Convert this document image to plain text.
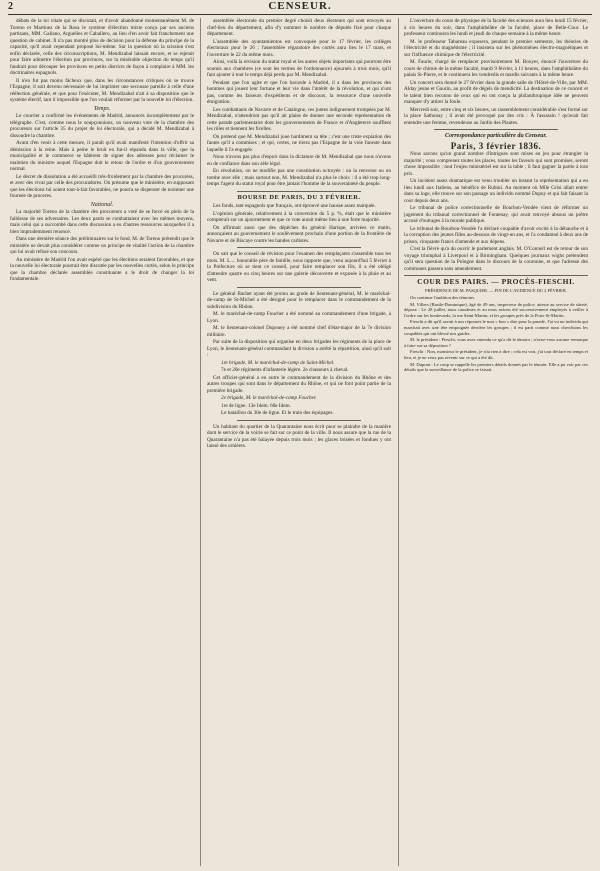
2	CENSEUR.

débats de la loi vitale qui se discutait, et d'avoir abandonné momentanément M. de Toreno et Martinez de la Rosa le système d'élection mixte conçu par ses anciens partisans, MM. Galiano, Arguelles et Caballero, au lieu d'en avoir fait franchement une question de cabinet. Il n'a pas montré plus de décision pour la défense du principe de la capacité, qu'il avait cependant proposé lui-même. Sur la question où la scission s'est enfin déclarée, celle des circonscriptions, M. Mendizabal laissait encore, et se rejetait pour faire admettre l'élection par provinces, sur la misérable objection du temps qu'il faudrait pour découper les provinces en petits districts de façon à complaire à MM. les doctrinaires espagnols.

Il n'en fut pas moins fâcheux que, dans les circonstances critiques où se trouve l'Espagne, il soit devenu nécessaire de lui imprimer une secousse pareille à celle d'une réélection générale, et que pour l'exécuter, M. Mendizabal n'ait à sa disposition que le système électif, tant il impossible que l'on voulait réformer par la nouvelle loi d'élection.

Temps.

Le courrier a confirmé les événements de Madrid, annoncés incomplètement par le télégraphe. C'est, comme nous le soupçonnions, un nouveau vote de la chambre des procureurs sur l'article 35 du projet de loi électorale, qui a décidé M. Mendizabal à dissoudre la chambre.

Avant d'en venir à cette mesure, il paraît qu'il avait manifesté l'intention d'offrir sa démission à la reine. Mais à peine le bruit en fut-il répandu dans la ville, que la municipalité et le commerce se hâtèrent de signer des adresses pour réclamer le maintien du ministre auquel l'Espagne doit le retour de l'ordre et d'un gouvernement normal.

Le décret de dissolution a été accueilli très-froidement par la chambre des procuréss, et avec des vivat par celle des procuradores. On présume que le ministère, en supposant que les élections lui soient tout-à-fait favorables, ne pourra se dispenser de nommer une fournée de proceres.

National.

La majorité Toreno de la chambre des procureurs a voté de se forcé en plein de la faiblesse de ses adversaires. Les deux partis se combattaient avec les mêmes moyens, mais celui qui a succombé dans cette discussion a eu d'autres ressources auxquelles il a bien imprudemment renoncé.

Dans une dernière séance des préliminaires sur le fond, M. de Toreno prétendit que le ministère ne devait plus considérer comme un principe de vitalité l'action de la chambre qui lui avait refusé son concours.

Au ministère de Madrid l'on avait espéré que les élections seraient favorables, et que la nouvelle loi électorale pourrait être discutée par les nouvelles cortès, selon le principe que la chambre déclarée assemblée constituante a le droit de changer la loi fondamentale.

assemblée électorale du premier degré choisit deux électeurs qui sont envoyés au chef-lieu du département, afin d'y nommer le nombre de députés fixé pour chaque département.

L'assemblée des ayuntamientos est convoquée pour le 17 février, les collèges électoraux pour le 26 ; l'assemblée régaratoire des cortès aura lieu le 17 mars, et l'ouverture le 22 du même mois.

Ainsi, voilà la révision du statut royal et les autres objets importants qui pourront être soumis aux chambres (ce sont les termes de l'ordonnance) ajournés à trois mois, qu'il faut ajouter à tout le temps déjà perdu par M. Mendizabal.

Pendant que l'on agite et que l'on bavarde à Madrid, il a dans les provinces des hommes qui jouent leur fortune et leur vie dans l'intérêt de la révolution, et qui n'ont pas, comme les faiseurs d'expédients et de discours, la ressource d'une nouvelle émigration.

Les combattants de Navarre et de Catalogne, ces juntes indignement trompées par M. Mendizabal, n'attendront pas qu'il ait plaise de donner une seconde représentation de cette parade parlementaire dont les gouvernements de France et d'Angleterre soufflent les rôles et tiennent les ficelles.

On prétend que M. Mendizabal joue hardiment sa tête ; c'est une triste expiation des fautes qu'il a commises ; et qui, certes, ne tirera pas l'Espagne de la voie funeste dans laquelle il l'a engagée.

Nous n'avons pas plus d'espoir dans la dictature de M. Mendizabal que nous n'avons eu de confiance dans son zèle légal.

En révolution, on ne modifie pas une constitution octroyée : on la renverse ou on tombe avec elle ; mais surtout non, M. Mendizabal n'a plus le choix : il a été trop long-temps l'agent du statut royal pour être jamais l'homme de la souveraineté du peuple.

BOURSE DE PARIS, DU 3 FÉVRIER.

Les fonds, tant espagnols que français, ont éprouvé une hausse assez marquée.

L'opinion générale, relativement à la conversion du 5 p. %, était que le ministère compterait sur un ajournement et que ce vote aurait même lieu à une forte majorité.

On affirmait aussi que des dépêches du général Harispe, arrivées ce matin, annonçaient au gouvernement le soulèvement prochain d'une portion de la frontière de Navarre et de Biscaye contre les bandes carlistes.

On sait que le conseil de révision pour l'examen des remplaçants s'assemble tous les mois. M. L.... honorable père de famille, nous rapporte que, venu aujourd'hui 5 février à la Préfecture où se tient ce conseil, pour faire remplacer son fils, il a été obligé d'attendre quatre ou cinq heures sur une galerie découverte et exposée à la pluie et au vent.

Le général Bachet ayant été promu au grade de lieutenant-général, M. le maréchal-de-camp de St-Michel a été désigné pour le remplacer dans le commandement de la subdivision du Rhône.

M. le maréchal-de-camp Foucher a été nommé au commandement d'une brigade, à Lyon.

M. le lieutenant-colonel Dupouey a été nommé chef d'état-major de la 7e division militaire.

Par suite de la disposition qui organise en deux brigades les régiments de la place de Lyon, le lieutenant-général commandant la division a arrêté la répartition, ainsi qu'il suit :

1re brigade, M. le maréchal-de-camp de Saint-Michel.

7e et 20e régiments d'infanterie légère. 2e chasseurs à cheval.

Cet officier-général a en outre le commandement de la division du Rhône et des autres troupes qui sont dans le département du Rhône, et qui ne font point partie de la première brigade.

2e brigade, M. le maréchal-de-camp Foucher.

1re de ligne. 13e Idem. 60e Idem.

Le bataillon du 30e de ligne. Et le train des équipages.

Un habitant du quartier de la Quarantaine nous écrit pour se plaindre de la manière dont le service de la voirie se fait sur ce point de la ville. Il nous assure que la rue de la Quarantaine n'a pas été balayée depuis trois mois ; les glaces brisées et fondues y ont laissé des ornières.

L'ouverture du cours de physique de la faculté des sciences aura lieu lundi 15 février, à six heures du soir, dans l'amphithéâtre de la faculté, place de Belle-Cour. Le professeur continuera les lundi et jeudi de chaque semaine à la même heure.

M. le professeur Tabareau exposera, pendant le premier semestre, les théories de l'électricité et du magnétisme ; il insistera sur les phénomènes électro-magnétiques et sur l'influence chimique de l'électricité.

M. Faurie, chargé de remplacer provisoirement M. Bouyer, énoncé l'ouverture du cours de chimie de la même faculté, mardi 9 février, à 11 heures, dans l'amphithéâtre du palais St-Pierre, et le continuera les vendredis et mardis suivants à la même heure.

Un concert sera donné le 27 février dans la grande salle de l'Hôtel-de-Ville, par MM. Alday jeune et Gaurin, au profit de dégels de mendicité. La destination de ce concert et le talent bien reconnu de ceux qui en ont conçu la philanthropique idée ne peuvent manquer d'y attirer la foule.

Mercredi soir, entre cinq et six heures, un rassemblement considérable s'est formé sur la place Sathonay ; il avait été provoqué par des cris : À l'assassin ! qu'avait fait entendre une femme, revendeuse au Jardin des Plantes.

Correspondance particulière du Censeur.
Paris, 3 février 1836.

Nous savons qu'un grand nombre d'intrigues sont mises en jeu pour étrangler la majorité ; vous comprenez toutes les places, toutes les faveurs qui sont promises, seront chose impossible ; tout l'enjeu ministériel est sur la table ; il faut gagner la partie à tout prix.

Un incident assez dramatique est venu troubler un instant la représentation qui a eu lieu lundi aux Italiens, au bénéfice de Rubini. Au moment où Mlle Grisi allait entrer dans sa loge, elle trouve sur son passage un individu nommé Dupuy et qui fait faisant la cour depuis deux ans.

Le tribunal de police correctionnelle de Bourbon-Vendée vient de réformer un jugement du tribunal correctionnel de Fontenay, qui avait renvoyé absous un prêtre accusé d'outrages à la morale publique.

Le tribunal de Bourbon-Vendée l'a déclaré coupable d'avoir excité à la débauche et à la corruption des jeunes filles au-dessous de vingt-un ans, et l'a condamné à deux ans de prison, cinquante francs d'amende et aux dépens.

C'est la fièvre qu'a du ouvrir le parlement anglais. M. O'Connell est de retour de son voyage triomphal à Liverpool et à Birmingham. Quelques journaux wighs prétendent qu'il sera question de la Pologne dans le discours de la couronne, et que l'adresse des communes passera sans amendement.

COUR DES PAIRS. — PROCÈS-FIESCHI.
PRÉSIDENCE DE M. PASQUIER. — FIN DE L'AUDIENCE DU 2 FÉVRIER.

On continue l'audition des témoins.

M. Villers (Basile-Dominique), âgé de 49 ans, inspecteur de police, atteste au service de sûreté, dépose : Le 28 juillet, nous causâmes et au nous avions été successivement employés à veiller à l'ordre sur les boulevards, la rue Saint-Martin, et les groupes près de la Porte St-Martin.

Fieschi a dit qu'il savait à nos réponses le mot « bon » dire pour la parade. J'ai vu un individu qui marchait avec une tête empoignée derrière les groupes ; il est parti comme nous cherchions les coupables qui ont blessé nos guides.

M. le président : Fieschi, vous avez entendu ce qu'a dit le témoin ; n'avez-vous aucune remarque à faire sur sa déposition ?

Fieschi : Non, monsieur le président, je n'ai rien à dire ; cela est vrai, j'ai tout déclaré en temps et lieu, et je ne veux pas revenir sur ce qui a été dit.

M. Dupont : Le coup se rappelle les premiers détails donnés par le témoin. Elle a pu voir par ces détails que la surveillance de la police se faisait.
